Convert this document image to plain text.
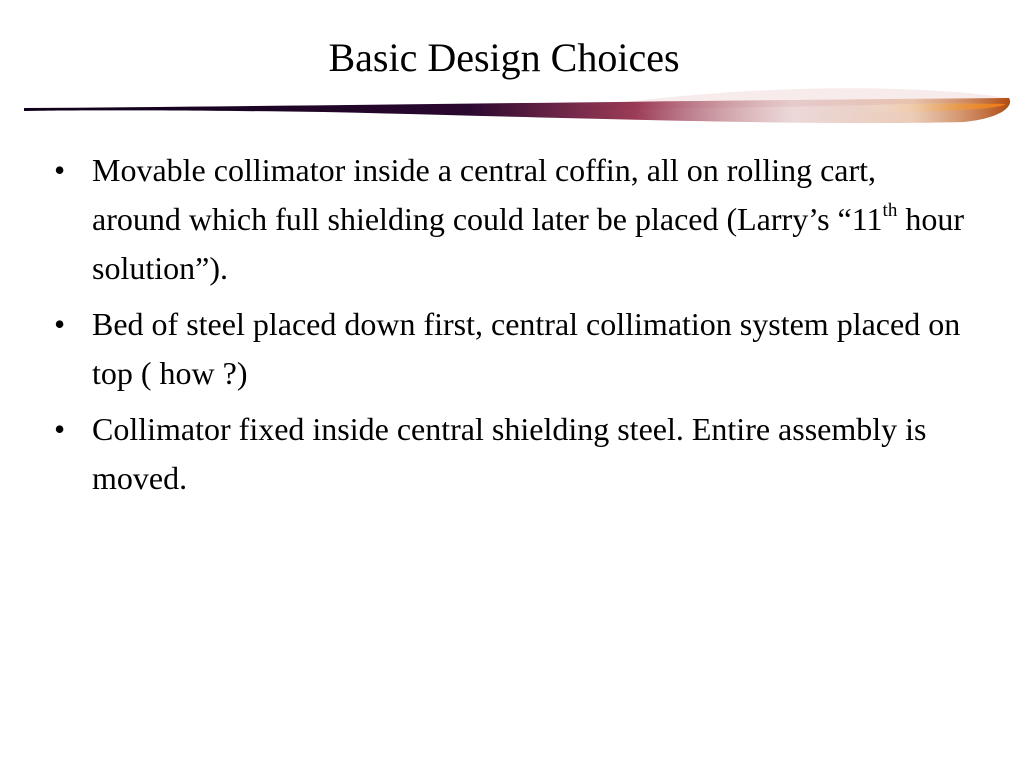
Basic Design Choices
• Movable collimator inside a central coffin, all on rolling cart, around which full shielding could later be placed (Larry’s “11th hour solution”).
• Bed of steel placed down first, central collimation system placed on top ( how ?)
• Collimator fixed inside central shielding steel. Entire assembly is moved.
